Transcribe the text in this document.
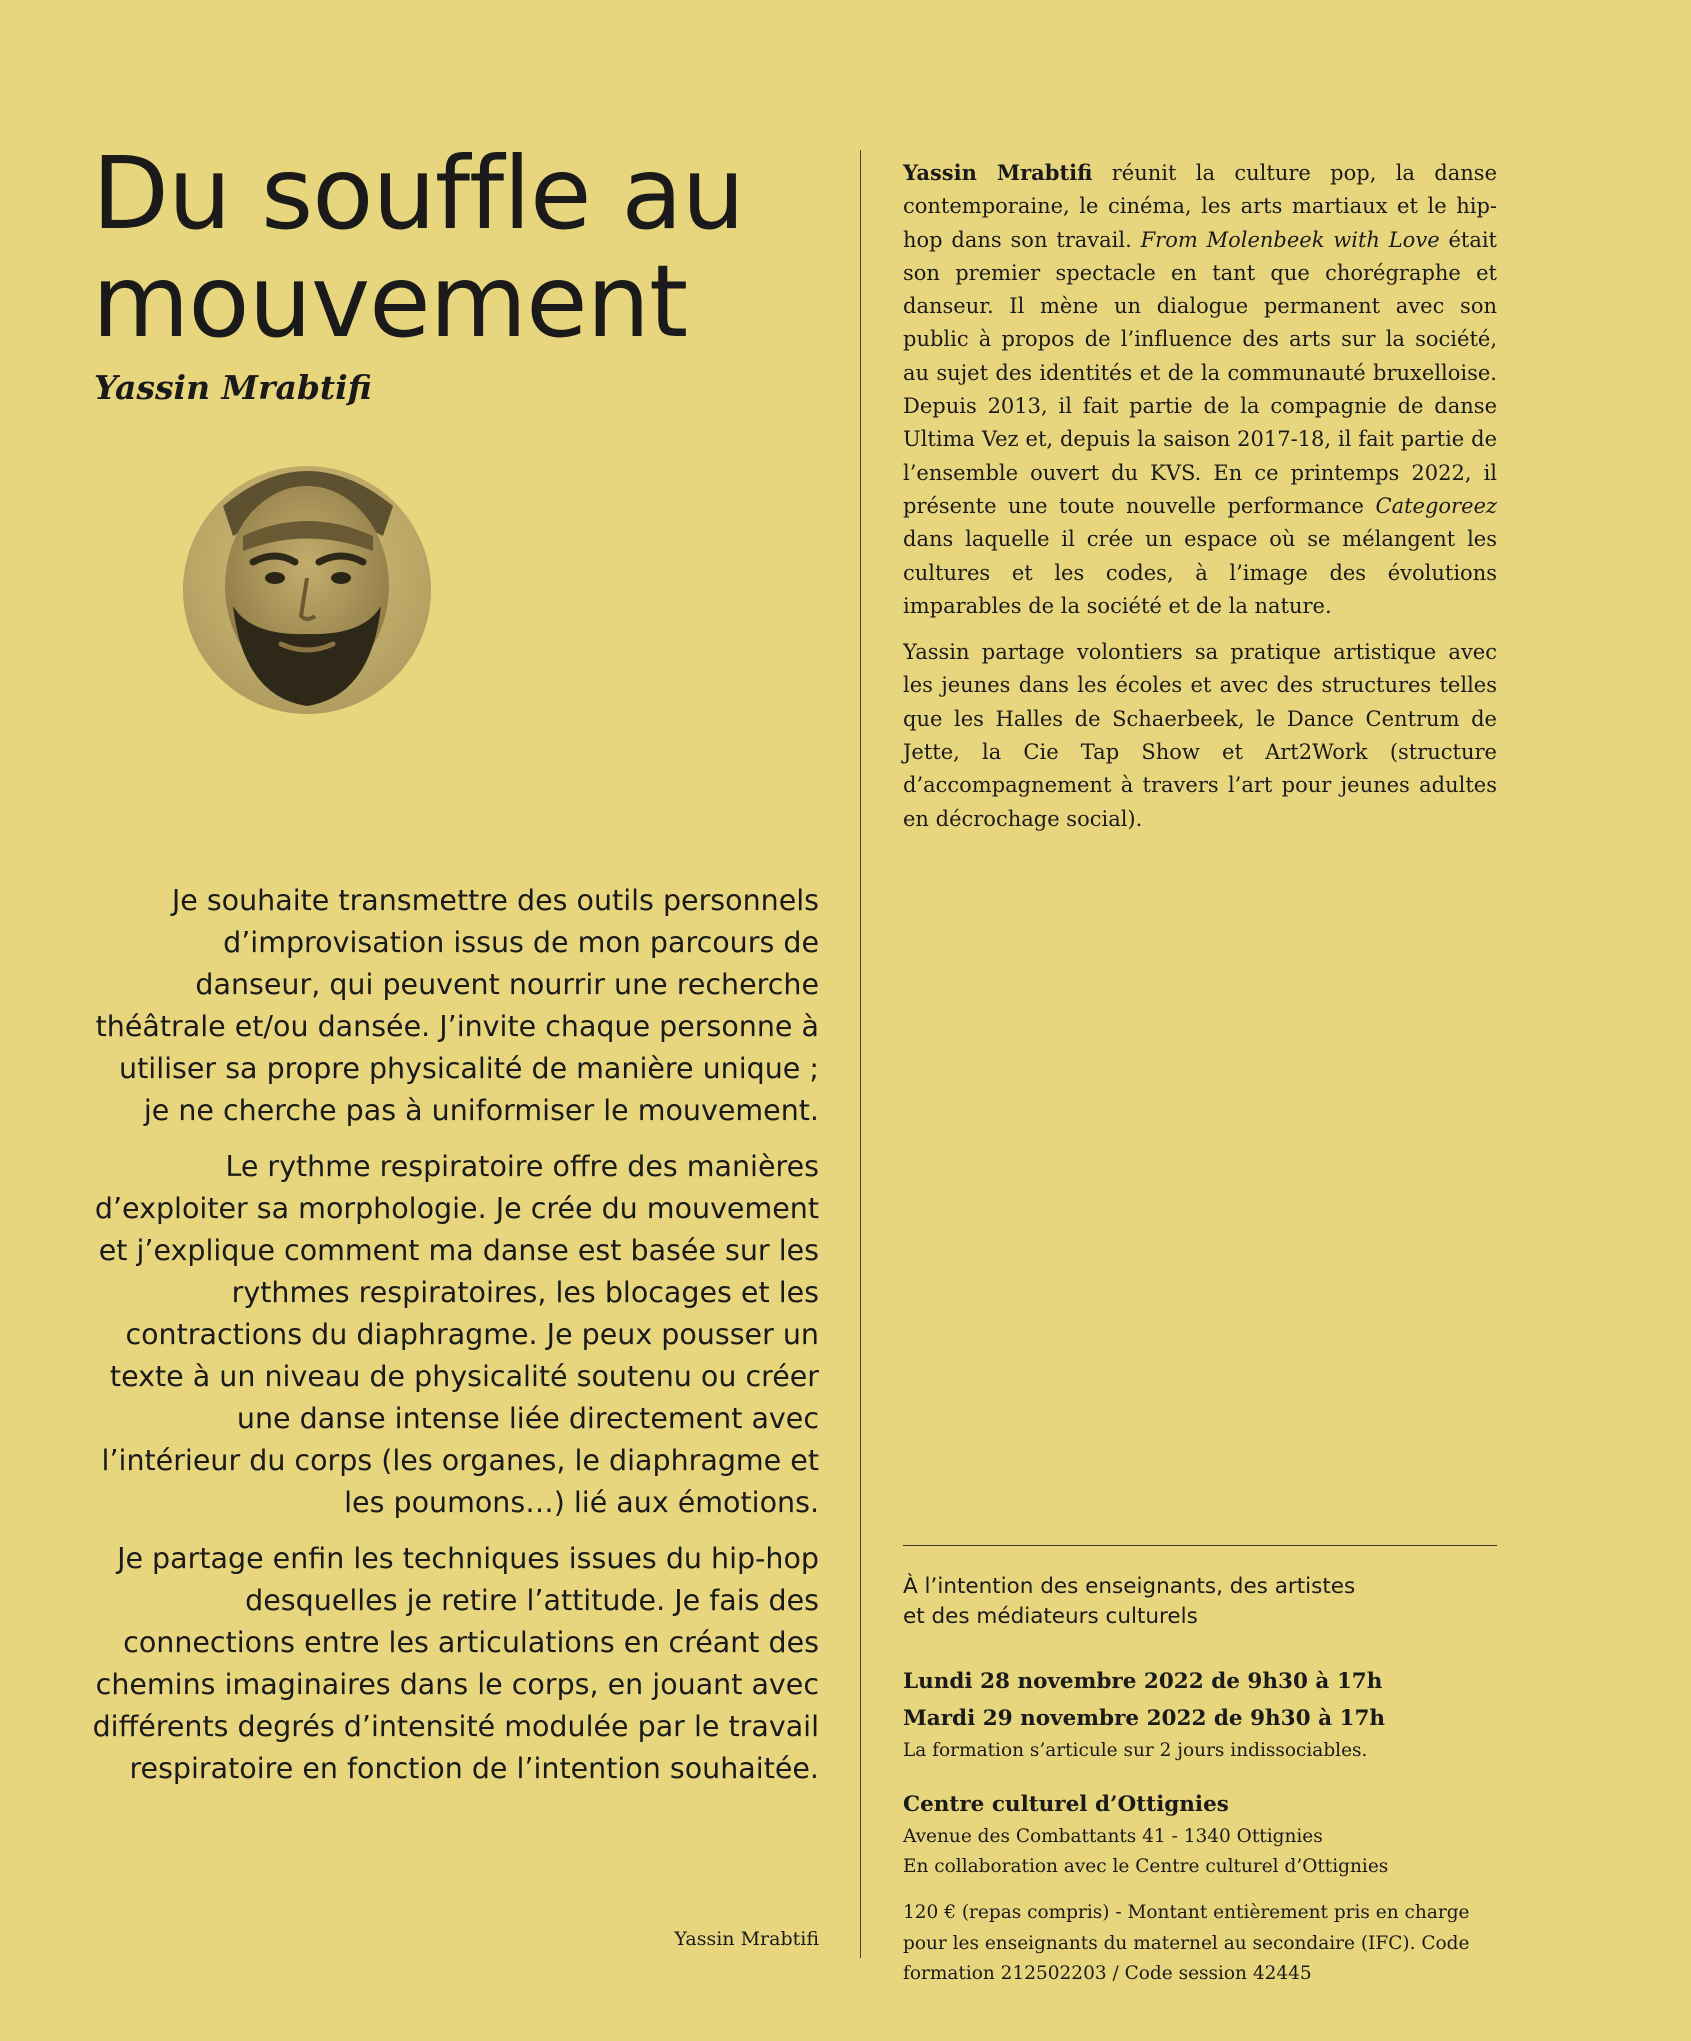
Du souffle au
mouvement
Yassin Mrabtifi

Je souhaite transmettre des outils personnels d’improvisation issus de mon parcours de danseur, qui peuvent nourrir une recherche théâtrale et/ou dansée. J’invite chaque personne à utiliser sa propre physicalité de manière unique ; je ne cherche pas à uniformiser le mouvement.

Le rythme respiratoire offre des manières d’exploiter sa morphologie. Je crée du mouvement et j’explique comment ma danse est basée sur les rythmes respiratoires, les blocages et les contractions du diaphragme. Je peux pousser un texte à un niveau de physicalité soutenu ou créer une danse intense liée directement avec l’intérieur du corps (les organes, le diaphragme et les poumons…) lié aux émotions.

Je partage enfin les techniques issues du hip-hop desquelles je retire l’attitude. Je fais des connections entre les articulations en créant des chemins imaginaires dans le corps, en jouant avec différents degrés d’intensité modulée par le travail respiratoire en fonction de l’intention souhaitée.

Yassin Mrabtifi

Yassin Mrabtifi réunit la culture pop, la danse contemporaine, le cinéma, les arts martiaux et le hip-hop dans son travail. From Molenbeek with Love était son premier spectacle en tant que chorégraphe et danseur. Il mène un dialogue permanent avec son public à propos de l’influence des arts sur la société, au sujet des identités et de la communauté bruxelloise. Depuis 2013, il fait partie de la compagnie de danse Ultima Vez et, depuis la saison 2017-18, il fait partie de l’ensemble ouvert du KVS. En ce printemps 2022, il présente une toute nouvelle performance Categoreez dans laquelle il crée un espace où se mélangent les cultures et les codes, à l’image des évolutions imparables de la société et de la nature.

Yassin partage volontiers sa pratique artistique avec les jeunes dans les écoles et avec des structures telles que les Halles de Schaerbeek, le Dance Centrum de Jette, la Cie Tap Show et Art2Work (structure d’accompagnement à travers l’art pour jeunes adultes en décrochage social).

À l’intention des enseignants, des artistes
et des médiateurs culturels
Lundi 28 novembre 2022 de 9h30 à 17h
Mardi 29 novembre 2022 de 9h30 à 17h
La formation s’articule sur 2 jours indissociables.
Centre culturel d’Ottignies
Avenue des Combattants 41 - 1340 Ottignies
En collaboration avec le Centre culturel d’Ottignies
120 € (repas compris) - Montant entièrement pris en charge pour les enseignants du maternel au secondaire (IFC). Code formation 212502203 / Code session 42445
